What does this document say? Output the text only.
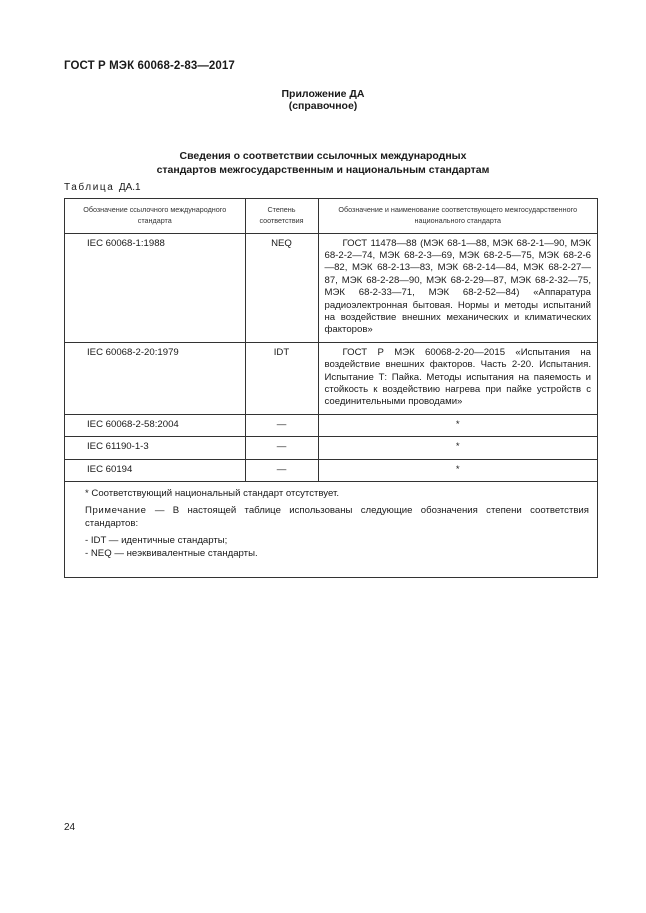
ГОСТ Р МЭК 60068-2-83—2017
Приложение ДА
(справочное)
Сведения о соответствии ссылочных международных
стандартов межгосударственным и национальным стандартам
Таблица ДА.1
Обозначение ссылочного международного стандарта	Степень соответствия	Обозначение и наименование соответствующего межгосударственного национального стандарта
IEC 60068-1:1988	NEQ	ГОСТ 11478—88 (МЭК 68-1—88, МЭК 68-2-1—90, МЭК 68-2-2—74, МЭК 68-2-3—69, МЭК 68-2-5—75, МЭК 68-2-6—82, МЭК 68-2-13—83, МЭК 68-2-14—84, МЭК 68-2-27—87, МЭК 68-2-28—90, МЭК 68-2-29—87, МЭК 68-2-32—75, МЭК 68-2-33—71, МЭК 68-2-52—84) «Аппаратура радиоэлектронная бытовая. Нормы и методы испытаний на воздействие внешних механических и климатических факторов»
IEC 60068-2-20:1979	IDT	ГОСТ Р МЭК 60068-2-20—2015 «Испытания на воздействие внешних факторов. Часть 2-20. Испытания. Испытание Т: Пайка. Методы испытания на паяемость и стойкость к воздействию нагрева при пайке устройств с соединительными проводами»
IEC 60068-2-58:2004	—	*
IEC 61190-1-3	—	*
IEC 60194	—	*

* Соответствующий национальный стандарт отсутствует.

Примечание — В настоящей таблице использованы следующие обозначения степени соответствия стандартов:

- IDT — идентичные стандарты;

- NEQ — неэквивалентные стандарты.

24
